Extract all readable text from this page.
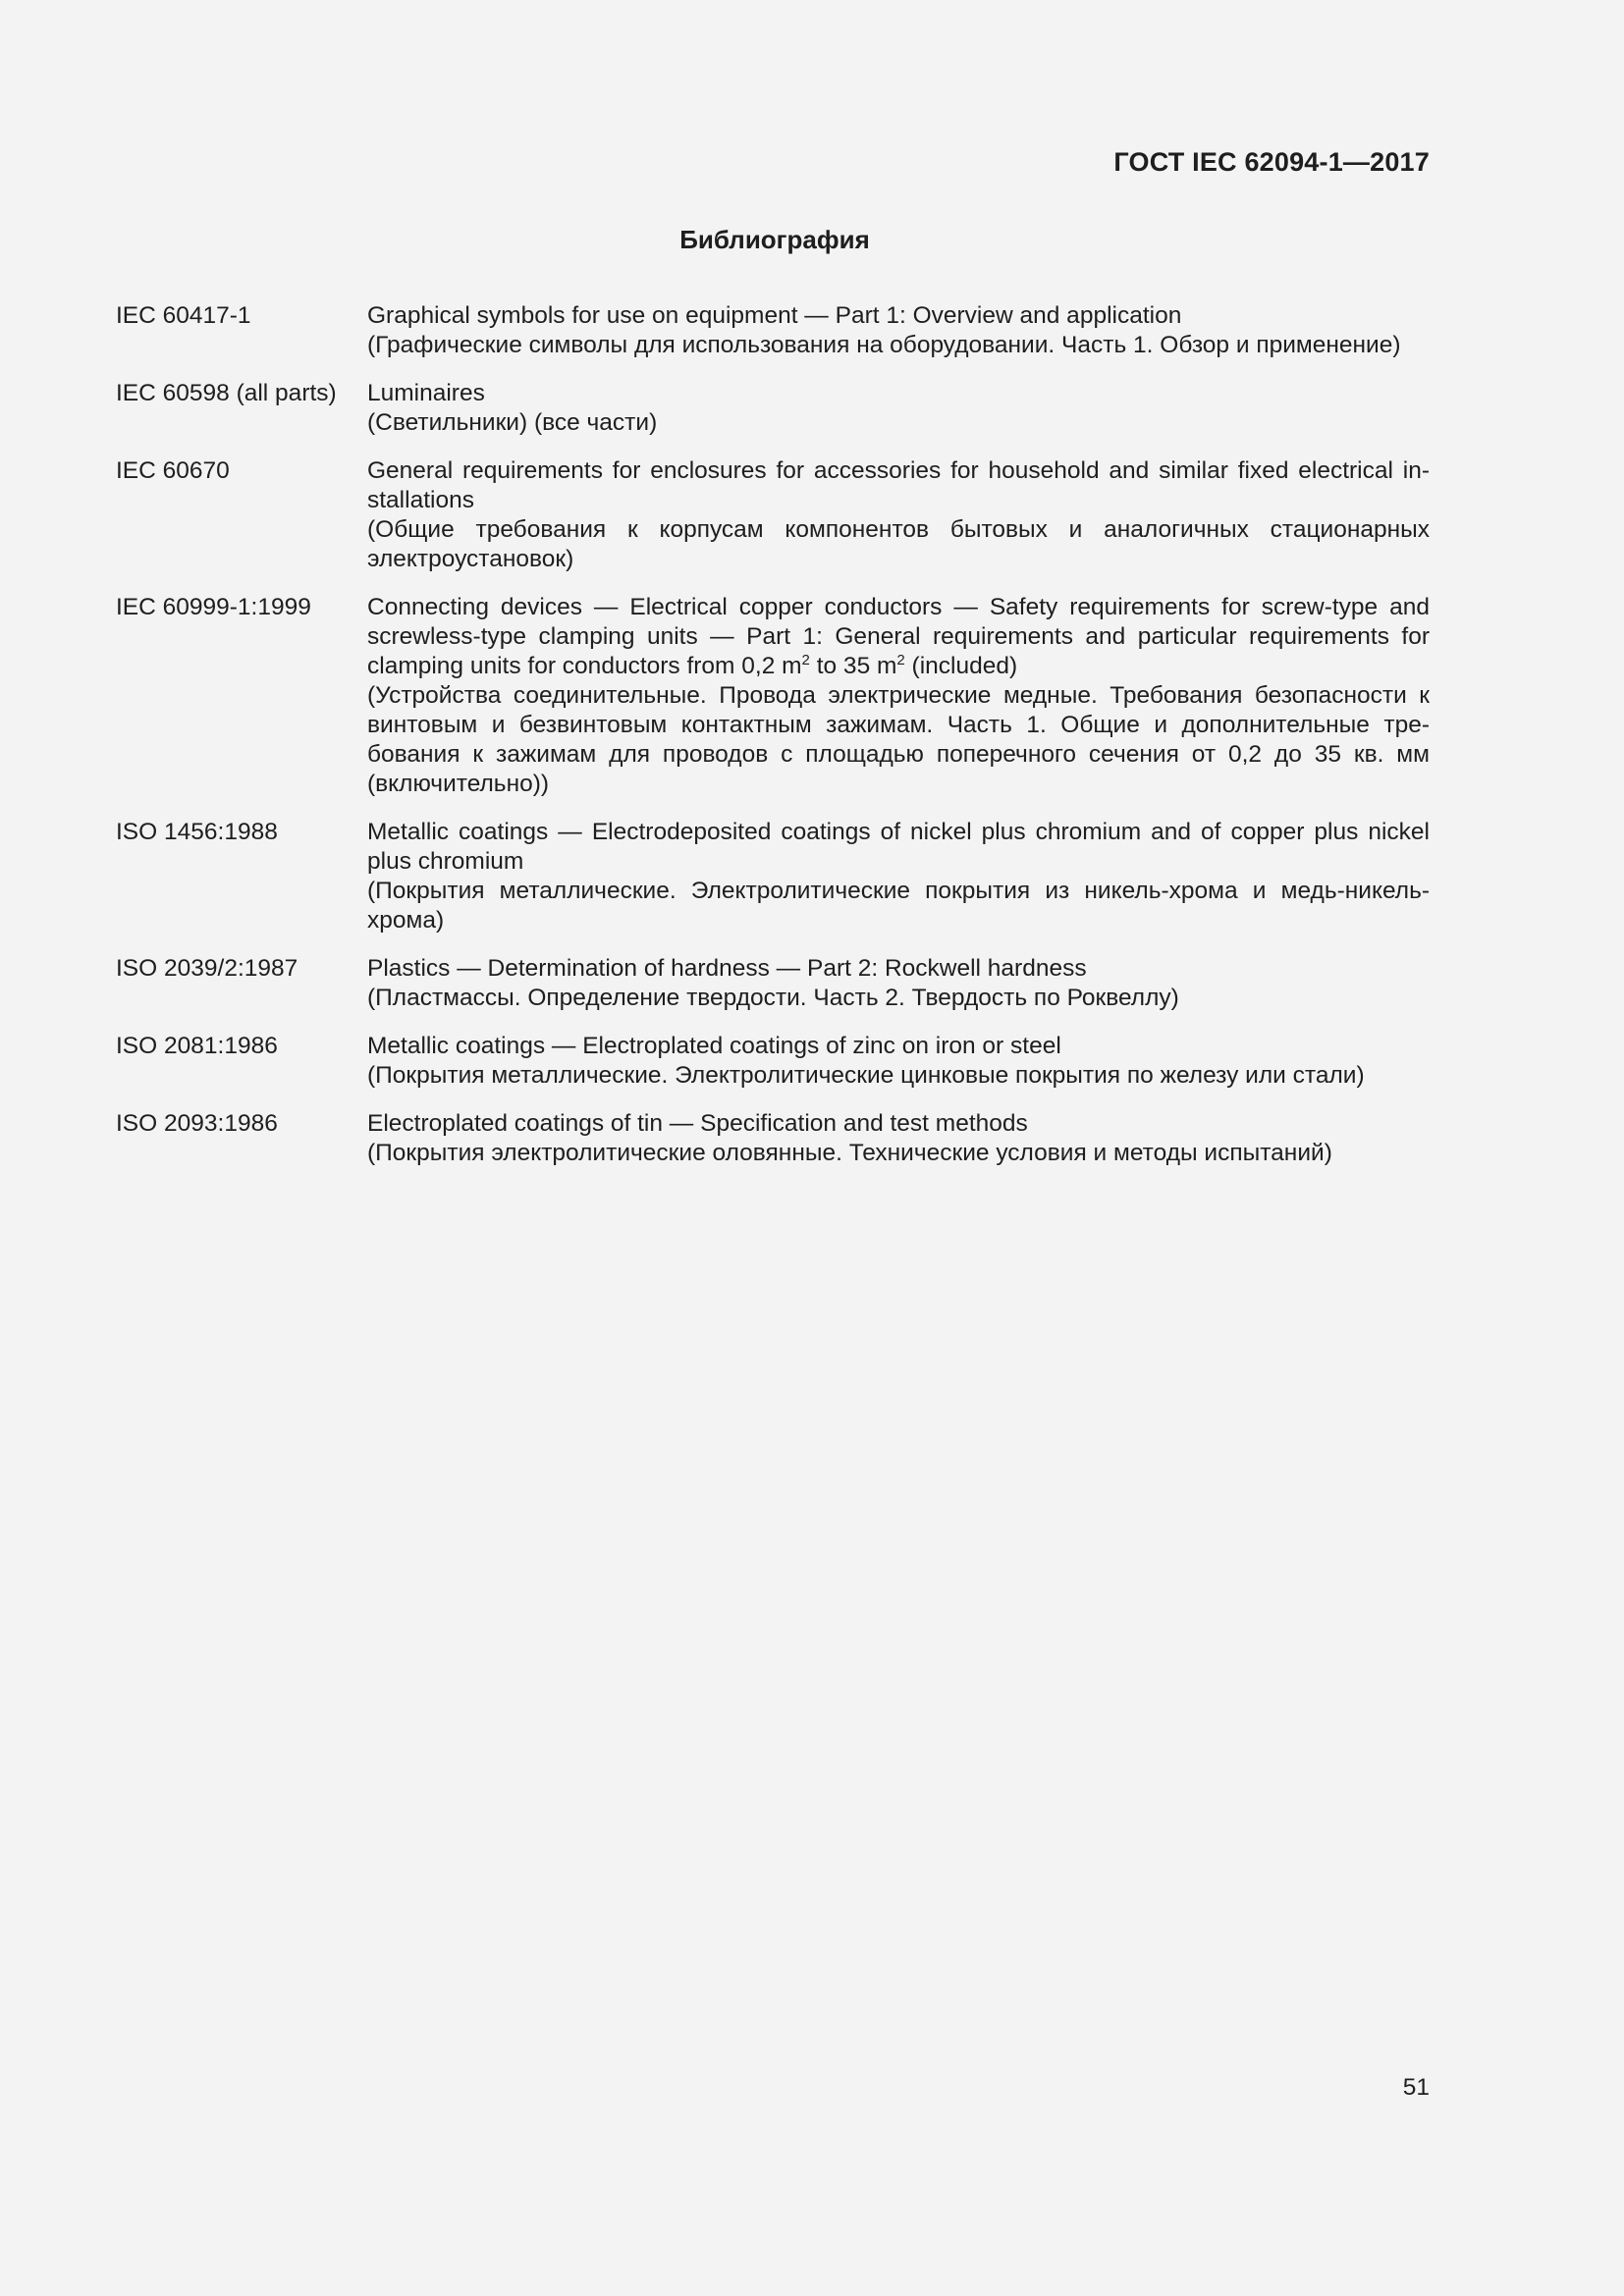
ГОСТ IEC 62094-1—2017
Библиография
IEC 60417-1	Graphical symbols for use on equipment — Part 1: Overview and application
(Графические символы для использования на оборудовании. Часть 1. Обзор и применение)
IEC 60598 (all parts)	Luminaires
(Светильники) (все части)
IEC 60670	General requirements for enclosures for accessories for household and similar fixed electrical in-stallations
(Общие требования к корпусам компонентов бытовых и аналогичных стационарных электроустановок)
IEC 60999-1:1999	Connecting devices — Electrical copper conductors — Safety requirements for screw-type and screwless-type clamping units — Part 1: General requirements and particular requirements for clamping units for conductors from 0,2 $m^2$ to 35 $m^2$ (included)
(Устройства соединительные. Провода электрические медные. Требования безопасности к винтовым и безвинтовым контактным зажимам. Часть 1. Общие и дополнительные тре-бования к зажимам для проводов с площадью поперечного сечения от 0,2 до 35 кв. мм (включительно))
ISO 1456:1988	Metallic coatings — Electrodeposited coatings of nickel plus chromium and of copper plus nickel plus chromium
(Покрытия металлические. Электролитические покрытия из никель-хрома и медь-никель-хрома)
ISO 2039/2:1987	Plastics — Determination of hardness — Part 2: Rockwell hardness
(Пластмассы. Определение твердости. Часть 2. Твердость по Роквеллу)
ISO 2081:1986	Metallic coatings — Electroplated coatings of zinc on iron or steel
(Покрытия металлические. Электролитические цинковые покрытия по железу или стали)
ISO 2093:1986	Electroplated coatings of tin — Specification and test methods
(Покрытия электролитические оловянные. Технические условия и методы испытаний)
51
